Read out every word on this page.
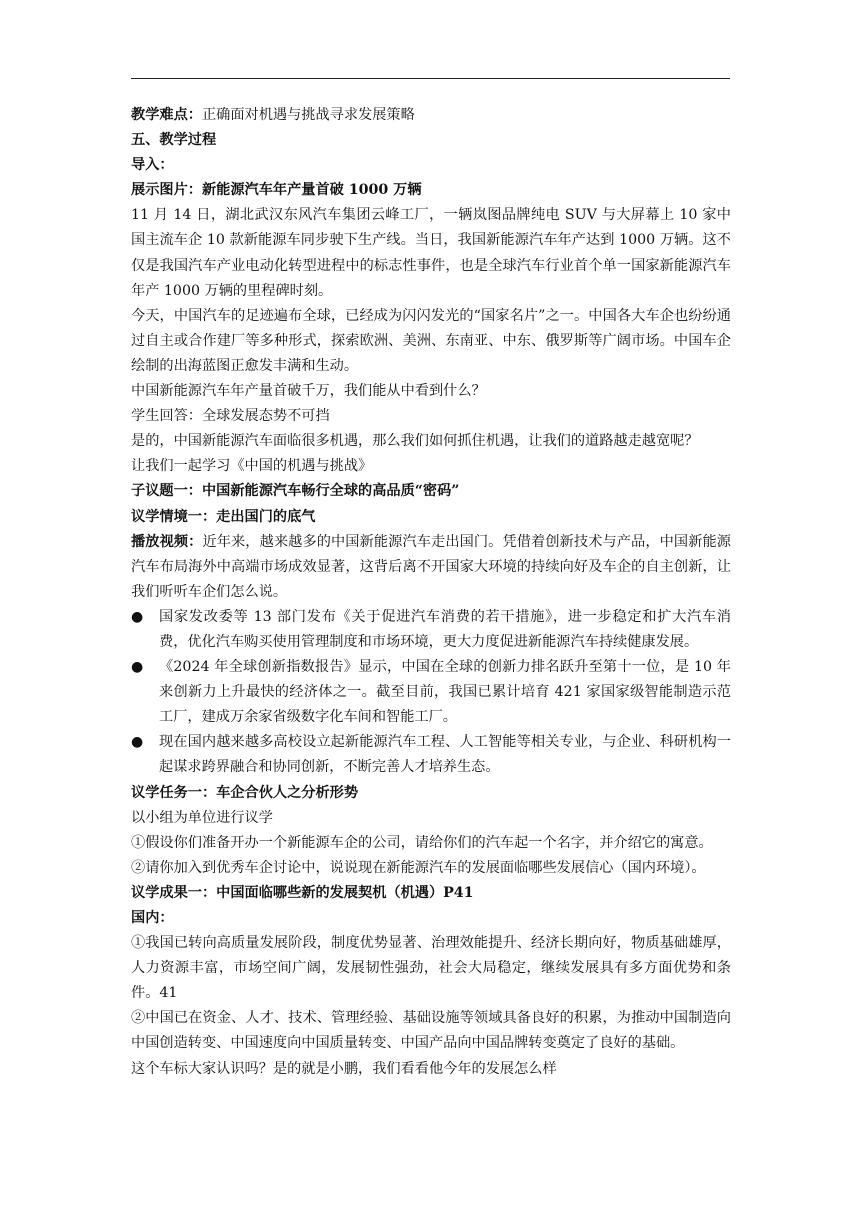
教学难点：正确面对机遇与挑战寻求发展策略

五、教学过程

导入：

展示图片：新能源汽车年产量首破 1000 万辆

11 月 14 日，湖北武汉东风汽车集团云峰工厂，一辆岚图品牌纯电 SUV 与大屏幕上 10 家中国主流车企 10 款新能源车同步驶下生产线。当日，我国新能源汽车年产达到 1000 万辆。这不仅是我国汽车产业电动化转型进程中的标志性事件，也是全球汽车行业首个单一国家新能源汽车年产 1000 万辆的里程碑时刻。

今天，中国汽车的足迹遍布全球，已经成为闪闪发光的“国家名片”之一。中国各大车企也纷纷通过自主或合作建厂等多种形式，探索欧洲、美洲、东南亚、中东、俄罗斯等广阔市场。中国车企绘制的出海蓝图正愈发丰满和生动。

中国新能源汽车年产量首破千万，我们能从中看到什么？

学生回答：全球发展态势不可挡

是的，中国新能源汽车面临很多机遇，那么我们如何抓住机遇，让我们的道路越走越宽呢？

让我们一起学习《中国的机遇与挑战》

子议题一：中国新能源汽车畅行全球的高品质“密码”

议学情境一：走出国门的底气

播放视频：近年来，越来越多的中国新能源汽车走出国门。凭借着创新技术与产品，中国新能源汽车布局海外中高端市场成效显著，这背后离不开国家大环境的持续向好及车企的自主创新，让我们听听车企们怎么说。

●	国家发改委等 13 部门发布《关于促进汽车消费的若干措施》，进一步稳定和扩大汽车消费，优化汽车购买使用管理制度和市场环境，更大力度促进新能源汽车持续健康发展。
●	《2024 年全球创新指数报告》显示，中国在全球的创新力排名跃升至第十一位，是 10 年来创新力上升最快的经济体之一。截至目前，我国已累计培育 421 家国家级智能制造示范工厂，建成万余家省级数字化车间和智能工厂。
●	现在国内越来越多高校设立起新能源汽车工程、人工智能等相关专业，与企业、科研机构一起谋求跨界融合和协同创新，不断完善人才培养生态。

议学任务一：车企合伙人之分析形势

以小组为单位进行议学

①假设你们准备开办一个新能源车企的公司，请给你们的汽车起一个名字，并介绍它的寓意。

②请你加入到优秀车企讨论中，说说现在新能源汽车的发展面临哪些发展信心（国内环境）。

议学成果一：中国面临哪些新的发展契机（机遇）P41

国内：

①我国已转向高质量发展阶段，制度优势显著、治理效能提升、经济长期向好，物质基础雄厚，人力资源丰富，市场空间广阔，发展韧性强劲，社会大局稳定，继续发展具有多方面优势和条件。41

②中国已在资金、人才、技术、管理经验、基础设施等领域具备良好的积累，为推动中国制造向中国创造转变、中国速度向中国质量转变、中国产品向中国品牌转变奠定了良好的基础。

这个车标大家认识吗？是的就是小鹏，我们看看他今年的发展怎么样
